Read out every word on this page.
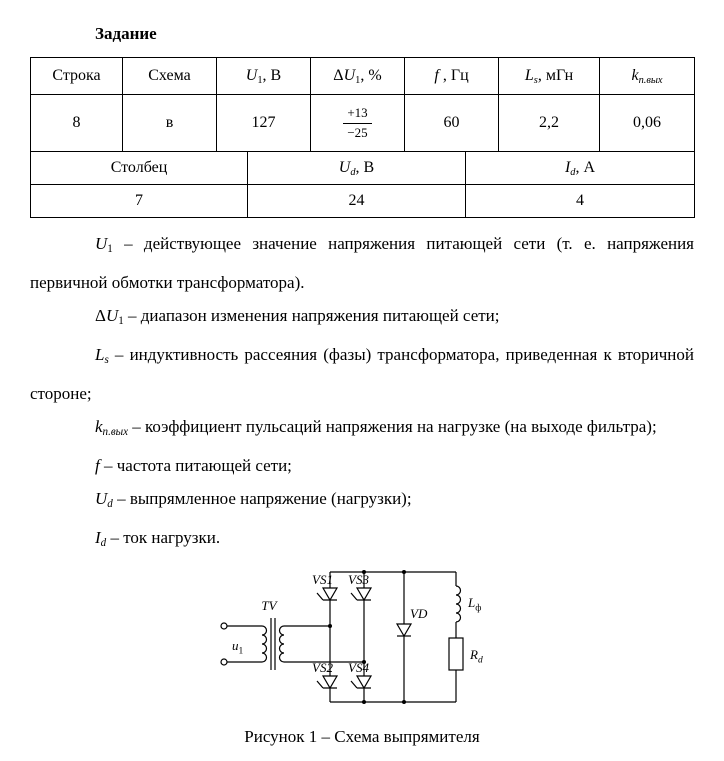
Задание

Строка	Схема	$U_1$, В	$\Delta U_1$, %	f , Гц	$L_s$, мГн	$k_{п.вых}$
8	в	127	$\frac{+13}{-25}$	60	2,2	0,06
Столбец	$U_d$, В	$I_d$, А
7	24	4

$U_1$ – действующее значение напряжения питающей сети (т. е. напряжения первичной обмотки трансформатора).

$\Delta U_1$ – диапазон изменения напряжения питающей сети;

$L_s$ – индуктивность рассеяния (фазы) трансформатора, приведенная к вторичной стороне;

$k_{п.вых}$ – коэффициент пульсаций напряжения на нагрузке (на выходе фильтра);

f – частота питающей сети;

$U_d$ – выпрямленное напряжение (нагрузки);

$I_d$ – ток нагрузки.

TV
$u_1$
VS1 VS3
VS2 VS4
VD
$L_ф$
$R_d$

Рисунок 1 – Схема выпрямителя
